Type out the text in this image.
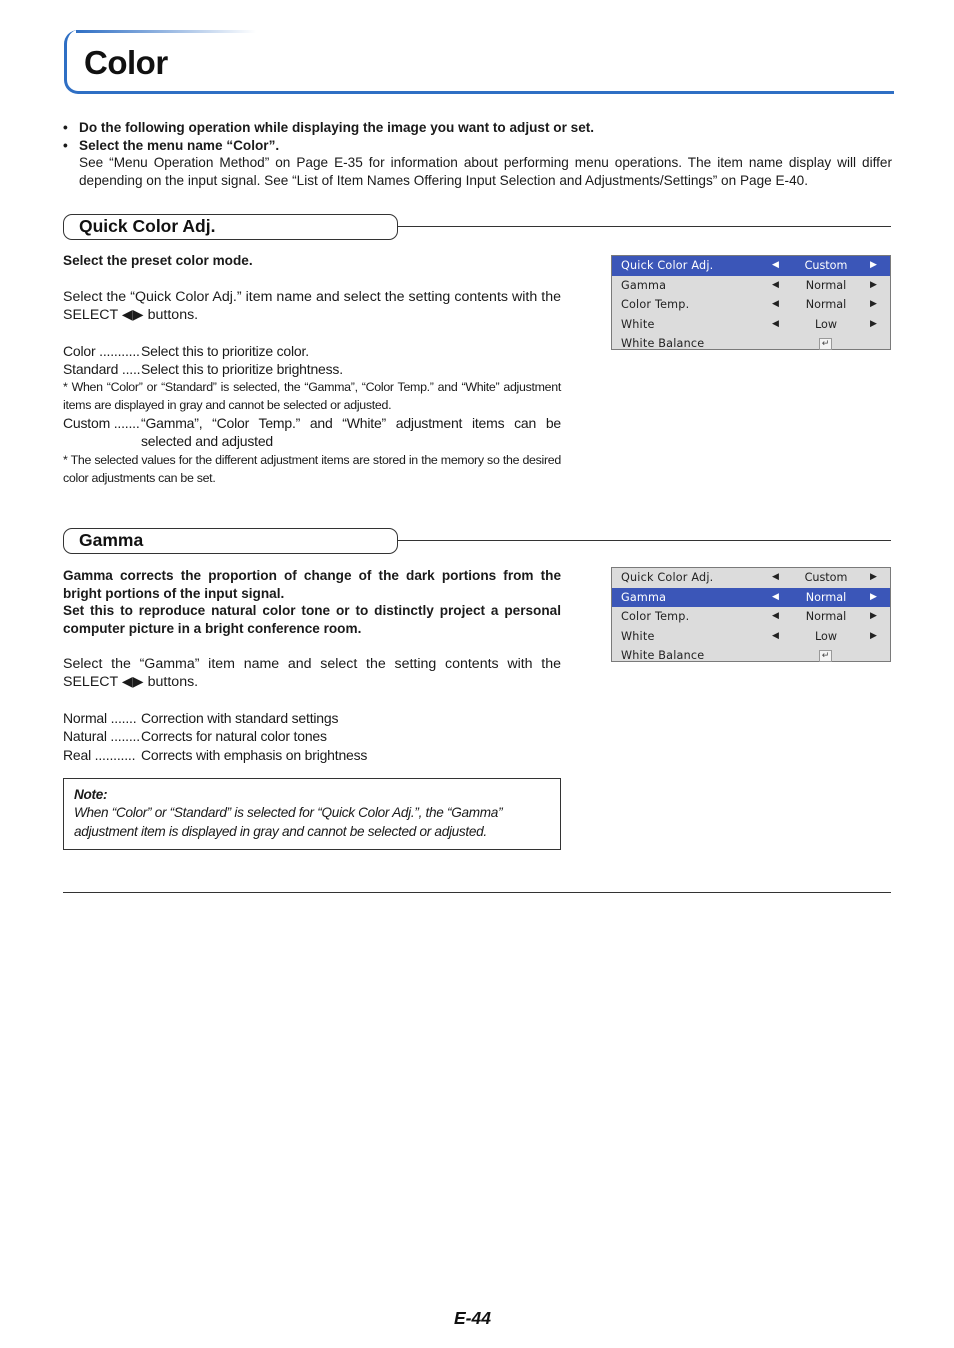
Color
• Do the following operation while displaying the image you want to adjust or set.
• Select the menu name “Color”.
See “Menu Operation Method” on Page E-35 for information about performing menu operations. The item name display will differ depending on the input signal. See “List of Item Names Offering Input Selection and Adjustments/Settings” on Page E-40.
Quick Color Adj.

Select the preset color mode.

Select the “Quick Color Adj.” item name and select the setting contents with the SELECT ◀▶ buttons.

Color ........... Select this to prioritize color.
Standard ..... Select this to prioritize brightness.

* When “Color” or “Standard” is selected, the “Gamma”, “Color Temp.” and “White” adjustment items are displayed in gray and cannot be selected or adjusted.

Custom ....... “Gamma”, “Color Temp.” and “White” adjustment items can be selected and adjusted

* The selected values for the different adjustment items are stored in the memory so the desired color adjustments can be set.

Quick Color Adj.	◀	Custom	▶
Gamma	◀	Normal	▶
Color Temp.	◀	Normal	▶
White	◀	Low	▶
White Balance	↵
Gamma

Gamma corrects the proportion of change of the dark portions from the bright portions of the input signal.

Set this to reproduce natural color tone or to distinctly project a personal computer picture in a bright conference room.

Select the “Gamma” item name and select the setting contents with the SELECT ◀▶ buttons.

Normal ....... Correction with standard settings
Natural ........ Corrects for natural color tones
Real ........... Corrects with emphasis on brightness
Quick Color Adj.	◀	Custom	▶
Gamma	◀	Normal	▶
Color Temp.	◀	Normal	▶
White	◀	Low	▶
White Balance	↵
Note:
When “Color” or “Standard” is selected for “Quick Color Adj.”, the “Gamma” adjustment item is displayed in gray and cannot be selected or adjusted.
E-44
